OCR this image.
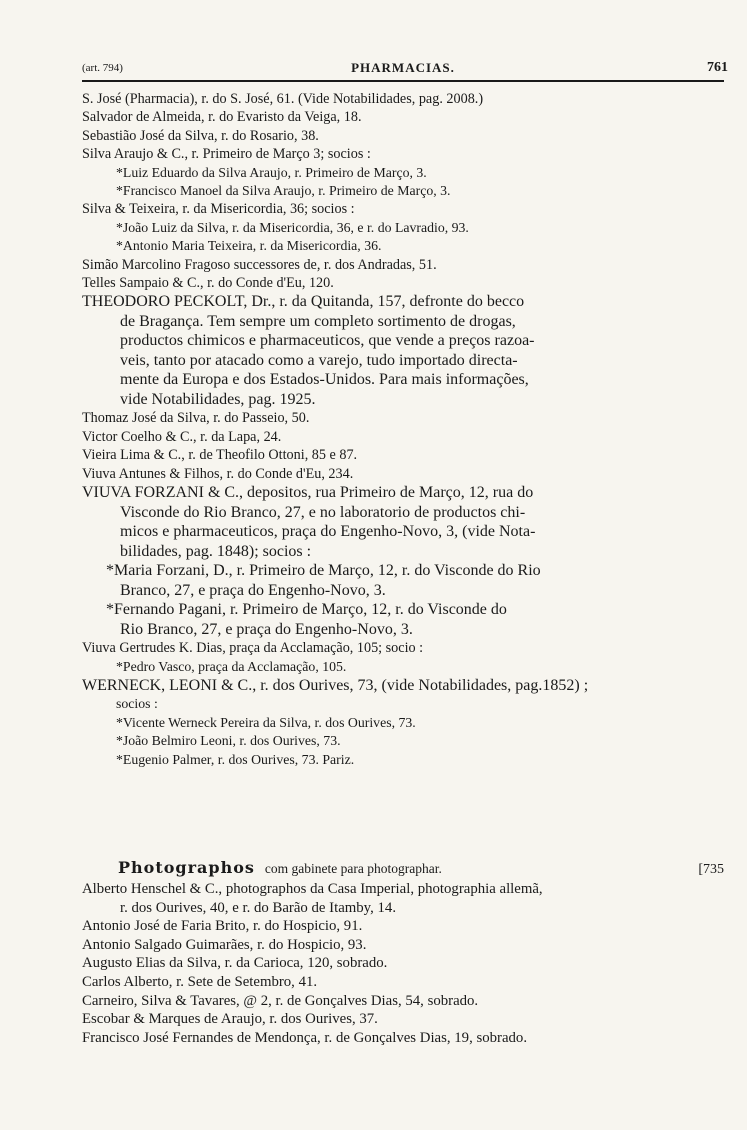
(art. 794)	PHARMACIAS.	761
S. José (Pharmacia), r. do S. José, 61. (Vide Notabilidades, pag. 2008.)
Salvador de Almeida, r. do Evaristo da Veiga, 18.
Sebastião José da Silva, r. do Rosario, 38.
Silva Araujo & C., r. Primeiro de Março 3; socios :
*Luiz Eduardo da Silva Araujo, r. Primeiro de Março, 3.
*Francisco Manoel da Silva Araujo, r. Primeiro de Março, 3.
Silva & Teixeira, r. da Misericordia, 36; socios :
*João Luiz da Silva, r. da Misericordia, 36, e r. do Lavradio, 93.
*Antonio Maria Teixeira, r. da Misericordia, 36.
Simão Marcolino Fragoso successores de, r. dos Andradas, 51.
Telles Sampaio & C., r. do Conde d'Eu, 120.
THEODORO PECKOLT, Dr., r. da Quitanda, 157, defronte do becco
de Bragança. Tem sempre um completo sortimento de drogas,
productos chimicos e pharmaceuticos, que vende a preços razoa-
veis, tanto por atacado como a varejo, tudo importado directa-
mente da Europa e dos Estados-Unidos. Para mais informações,
vide Notabilidades, pag. 1925.
Thomaz José da Silva, r. do Passeio, 50.
Victor Coelho & C., r. da Lapa, 24.
Vieira Lima & C., r. de Theofilo Ottoni, 85 e 87.
Viuva Antunes & Filhos, r. do Conde d'Eu, 234.
VIUVA FORZANI & C., depositos, rua Primeiro de Março, 12, rua do
Visconde do Rio Branco, 27, e no laboratorio de productos chi-
micos e pharmaceuticos, praça do Engenho-Novo, 3, (vide Nota-
bilidades, pag. 1848); socios :
*Maria Forzani, D., r. Primeiro de Março, 12, r. do Visconde do Rio
Branco, 27, e praça do Engenho-Novo, 3.
*Fernando Pagani, r. Primeiro de Março, 12, r. do Visconde do
Rio Branco, 27, e praça do Engenho-Novo, 3.
Viuva Gertrudes K. Dias, praça da Acclamação, 105; socio :
*Pedro Vasco, praça da Acclamação, 105.
WERNECK, LEONI & C., r. dos Ourives, 73, (vide Notabilidades, pag.1852) ;
socios :
*Vicente Werneck Pereira da Silva, r. dos Ourives, 73.
*João Belmiro Leoni, r. dos Ourives, 73.
*Eugenio Palmer, r. dos Ourives, 73. Pariz.
Photographos com gabinete para photographar.	[735
Alberto Henschel & C., photographos da Casa Imperial, photographia allemã,
r. dos Ourives, 40, e r. do Barão de Itamby, 14.
Antonio José de Faria Brito, r. do Hospicio, 91.
Antonio Salgado Guimarães, r. do Hospicio, 93.
Augusto Elias da Silva, r. da Carioca, 120, sobrado.
Carlos Alberto, r. Sete de Setembro, 41.
Carneiro, Silva & Tavares, @ 2, r. de Gonçalves Dias, 54, sobrado.
Escobar & Marques de Araujo, r. dos Ourives, 37.
Francisco José Fernandes de Mendonça, r. de Gonçalves Dias, 19, sobrado.
